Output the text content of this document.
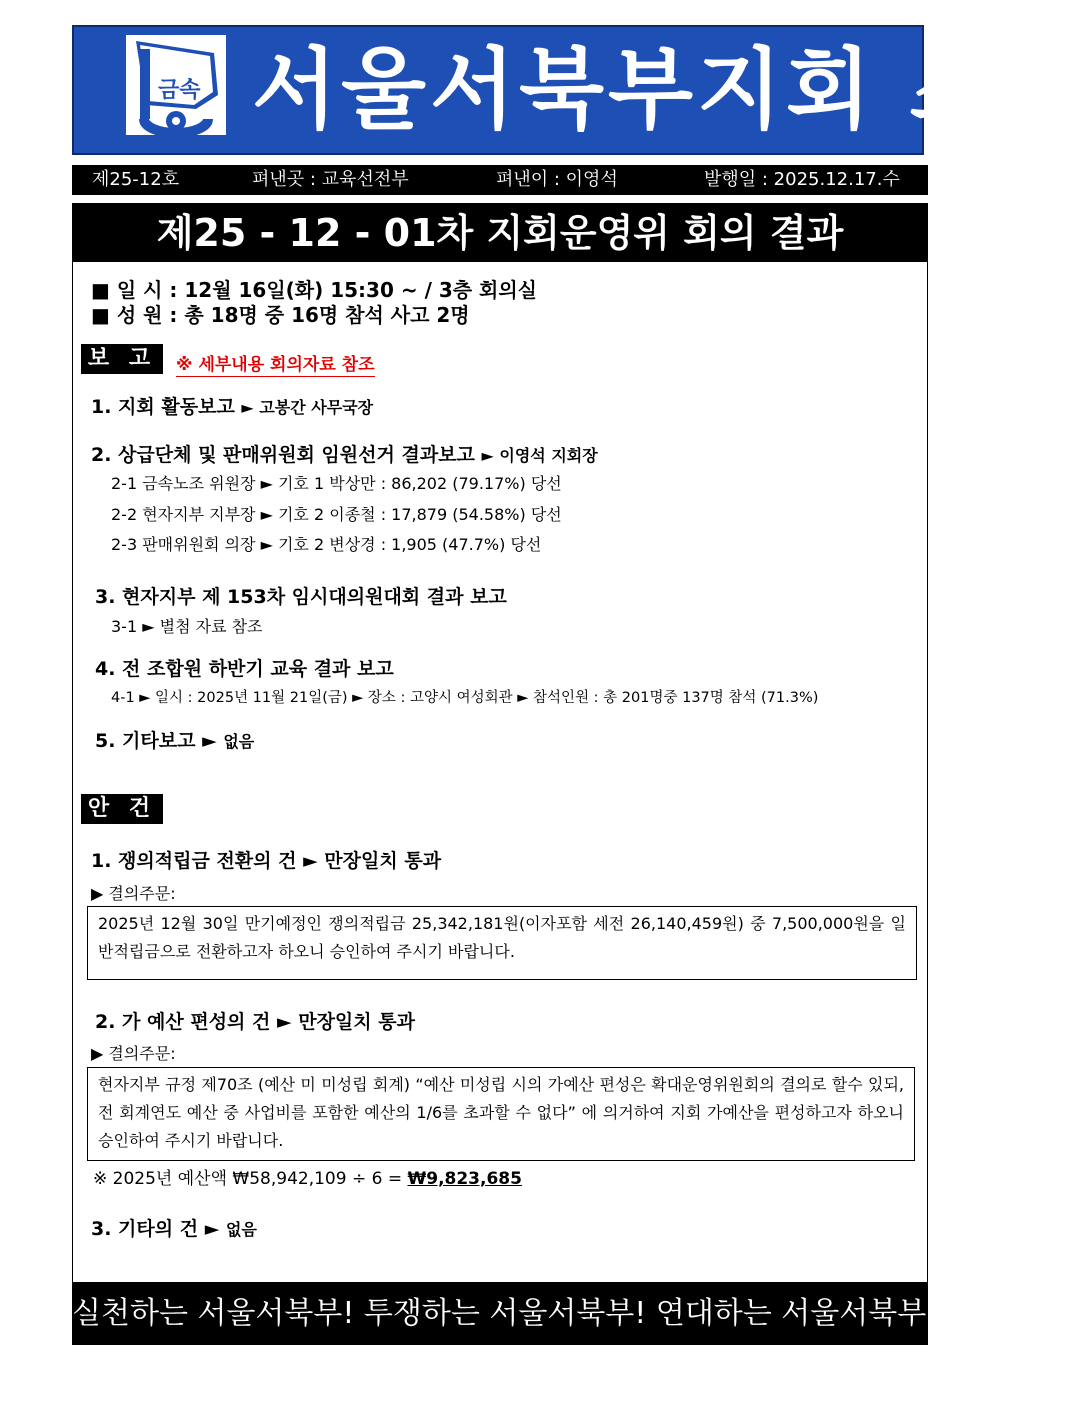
금속 서울서북부지회 소식
제25-12호	펴낸곳 : 교육선전부	펴낸이 : 이영석	발행일 : 2025.12.17.수
제25 - 12 - 01차 지회운영위 회의 결과
■ 일 시 : 12월 16일(화) 15:30 ~ / 3층 회의실
■ 성 원 : 총 18명 중 16명 참석 사고 2명
보 고	※ 세부내용 회의자료 참조
1. 지회 활동보고 ► 고봉간 사무국장
2. 상급단체 및 판매위원회 임원선거 결과보고 ► 이영석 지회장
2-1 금속노조 위원장 ► 기호 1 박상만 : 86,202 (79.17%) 당선
2-2 현자지부 지부장 ► 기호 2 이종철 : 17,879 (54.58%) 당선
2-3 판매위원회 의장 ► 기호 2 변상경 : 1,905 (47.7%) 당선
3. 현자지부 제 153차 임시대의원대회 결과 보고
3-1 ► 별첨 자료 참조
4. 전 조합원 하반기 교육 결과 보고
4-1 ► 일시 : 2025년 11월 21일(금) ► 장소 : 고양시 여성회관 ► 참석인원 : 총 201명중 137명 참석 (71.3%)
5. 기타보고 ► 없음
안 건
1. 쟁의적립금 전환의 건 ► 만장일치 통과
▶ 결의주문:
2025년 12월 30일 만기예정인 쟁의적립금 25,342,181원(이자포함 세전 26,140,459원) 중 7,500,000원을 일반적립금으로 전환하고자 하오니 승인하여 주시기 바랍니다.
2. 가 예산 편성의 건 ► 만장일치 통과
▶ 결의주문:
현자지부 규정 제70조 (예산 미 미성립 회계) “예산 미성립 시의 가예산 편성은 확대운영위원회의 결의로 할수 있되, 전 회계연도 예산 중 사업비를 포함한 예산의 1/6를 초과할 수 없다” 에 의거하여 지회 가예산을 편성하고자 하오니 승인하여 주시기 바랍니다.
※ 2025년 예산액 ₩58,942,109 ÷ 6 = ₩9,823,685
3. 기타의 건 ► 없음
실천하는 서울서북부! 투쟁하는 서울서북부! 연대하는 서울서북부!
